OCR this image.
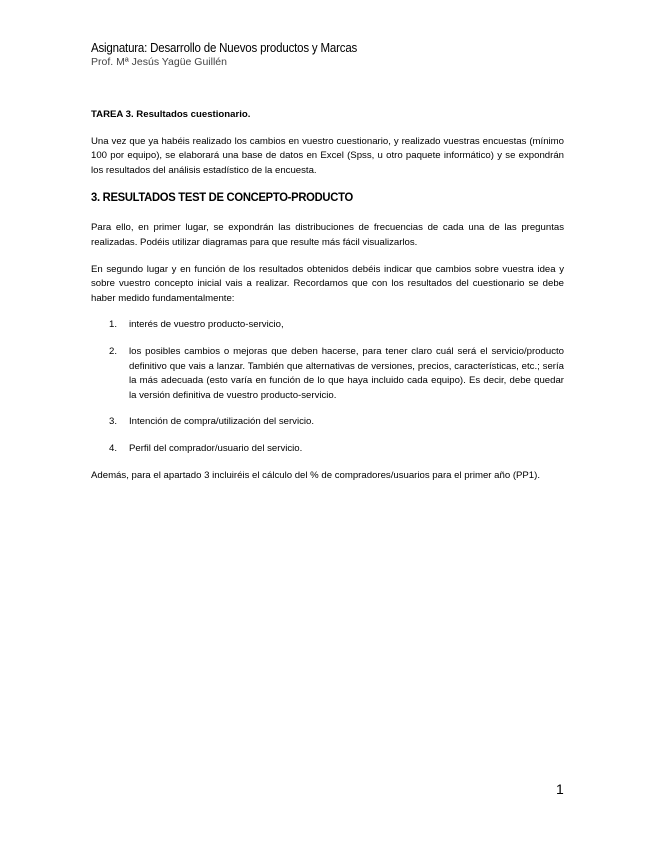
Asignatura: Desarrollo de Nuevos productos y Marcas
Prof. Mª Jesús Yagüe Guillén
TAREA 3. Resultados cuestionario.

Una vez que ya habéis realizado los cambios en vuestro cuestionario, y realizado vuestras encuestas (mínimo 100 por equipo), se elaborará una base de datos en Excel (Spss, u otro paquete informático) y se expondrán los resultados del análisis estadístico de la encuesta.

3. RESULTADOS TEST DE CONCEPTO-PRODUCTO

Para ello, en primer lugar, se expondrán las distribuciones de frecuencias de cada una de las preguntas realizadas. Podéis utilizar diagramas para que resulte más fácil visualizarlos.

En segundo lugar y en función de los resultados obtenidos debéis indicar que cambios sobre vuestra idea y sobre vuestro concepto inicial vais a realizar. Recordamos que con los resultados del cuestionario se debe haber medido fundamentalmente:

1. interés de vuestro producto-servicio,
2. los posibles cambios o mejoras que deben hacerse, para tener claro cuál será el servicio/producto definitivo que vais a lanzar. También que alternativas de versiones, precios, características, etc.; sería la más adecuada (esto varía en función de lo que haya incluido cada equipo). Es decir, debe quedar la versión definitiva de vuestro producto-servicio.
3. Intención de compra/utilización del servicio.
4. Perfil del comprador/usuario del servicio.

Además, para el apartado 3 incluiréis el cálculo del % de compradores/usuarios para el primer año (PP1).

1
